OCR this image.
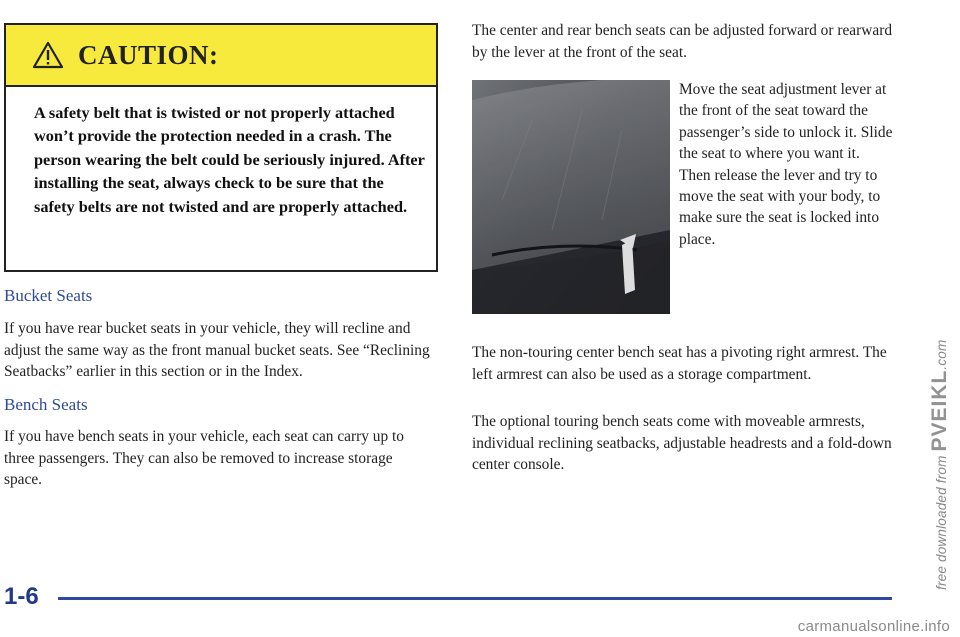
CAUTION:
A safety belt that is twisted or not properly attached won’t provide the protection needed in a crash. The person wearing the belt could be seriously injured. After installing the seat, always check to be sure that the safety belts are not twisted and are properly attached.
Bucket Seats
If you have rear bucket seats in your vehicle, they will recline and adjust the same way as the front manual bucket seats. See “Reclining Seatbacks” earlier in this section or in the Index.
Bench Seats
If you have bench seats in your vehicle, each seat can carry up to three passengers. They can also be removed to increase storage space.
The center and rear bench seats can be adjusted forward or rearward by the lever at the front of the seat.
Move the seat adjustment lever at the front of the seat toward the passenger’s side to unlock it. Slide the seat to where you want it. Then release the lever and try to move the seat with your body, to make sure the seat is locked into place.
The non-touring center bench seat has a pivoting right armrest. The left armrest can also be used as a storage compartment.
The optional touring bench seats come with moveable armrests, individual reclining seatbacks, adjustable headrests and a fold-down center console.
1-6
free downloaded from PVEIKL.com
carmanualsonline.info
